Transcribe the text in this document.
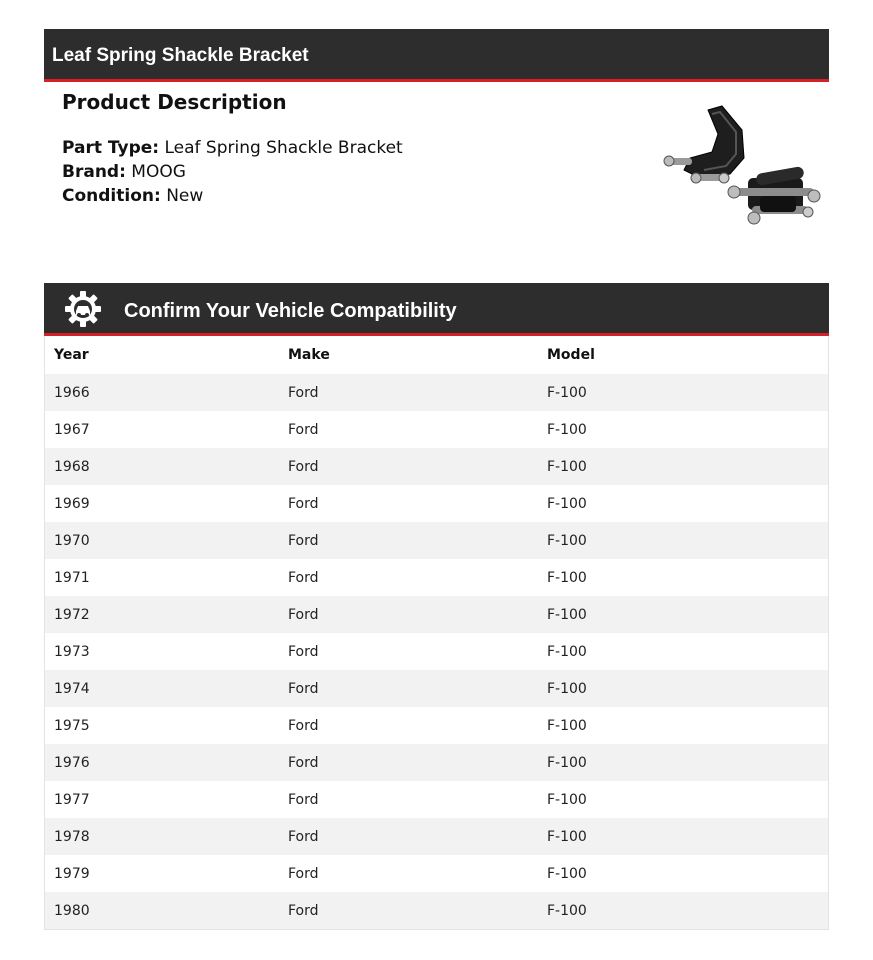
Leaf Spring Shackle Bracket
Product Description
Part Type: Leaf Spring Shackle Bracket
Brand: MOOG
Condition: New
Confirm Your Vehicle Compatibility
Year	Make	Model
1966	Ford	F-100
1967	Ford	F-100
1968	Ford	F-100
1969	Ford	F-100
1970	Ford	F-100
1971	Ford	F-100
1972	Ford	F-100
1973	Ford	F-100
1974	Ford	F-100
1975	Ford	F-100
1976	Ford	F-100
1977	Ford	F-100
1978	Ford	F-100
1979	Ford	F-100
1980	Ford	F-100
